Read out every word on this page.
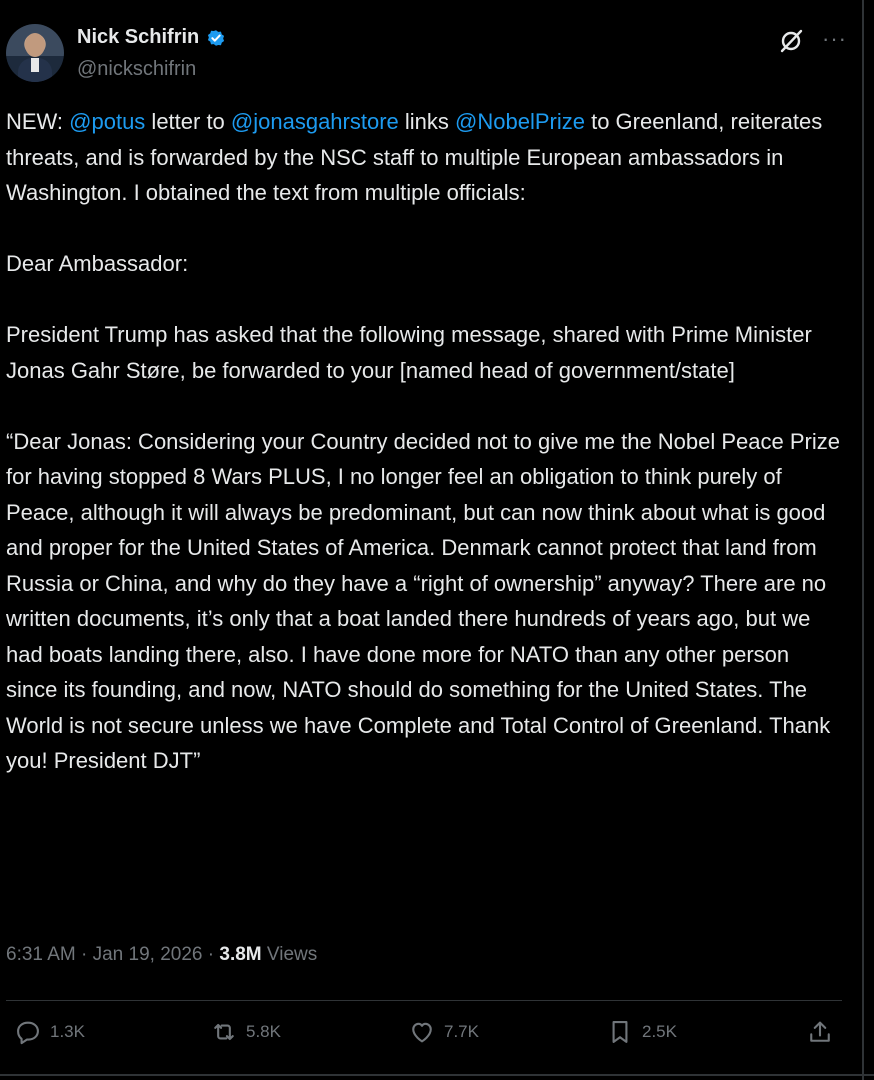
Nick Schifrin
@nickschifrin
···

NEW: @potus letter to @jonasgahrstore links @NobelPrize to Greenland, reiterates threats, and is forwarded by the NSC staff to multiple European ambassadors in Washington. I obtained the text from multiple officials:

Dear Ambassador:

President Trump has asked that the following message, shared with Prime Minister Jonas Gahr Støre, be forwarded to your [named head of government/state]

“Dear Jonas: Considering your Country decided not to give me the Nobel Peace Prize for having stopped 8 Wars PLUS, I no longer feel an obligation to think purely of Peace, although it will always be predominant, but can now think about what is good and proper for the United States of America. Denmark cannot protect that land from Russia or China, and why do they have a “right of ownership” anyway? There are no written documents, it’s only that a boat landed there hundreds of years ago, but we had boats landing there, also. I have done more for NATO than any other person since its founding, and now, NATO should do something for the United States. The World is not secure unless we have Complete and Total Control of Greenland. Thank you! President DJT”

6:31 AM · Jan 19, 2026 · 3.8M Views
1.3K	5.8K	7.7K	2.5K
